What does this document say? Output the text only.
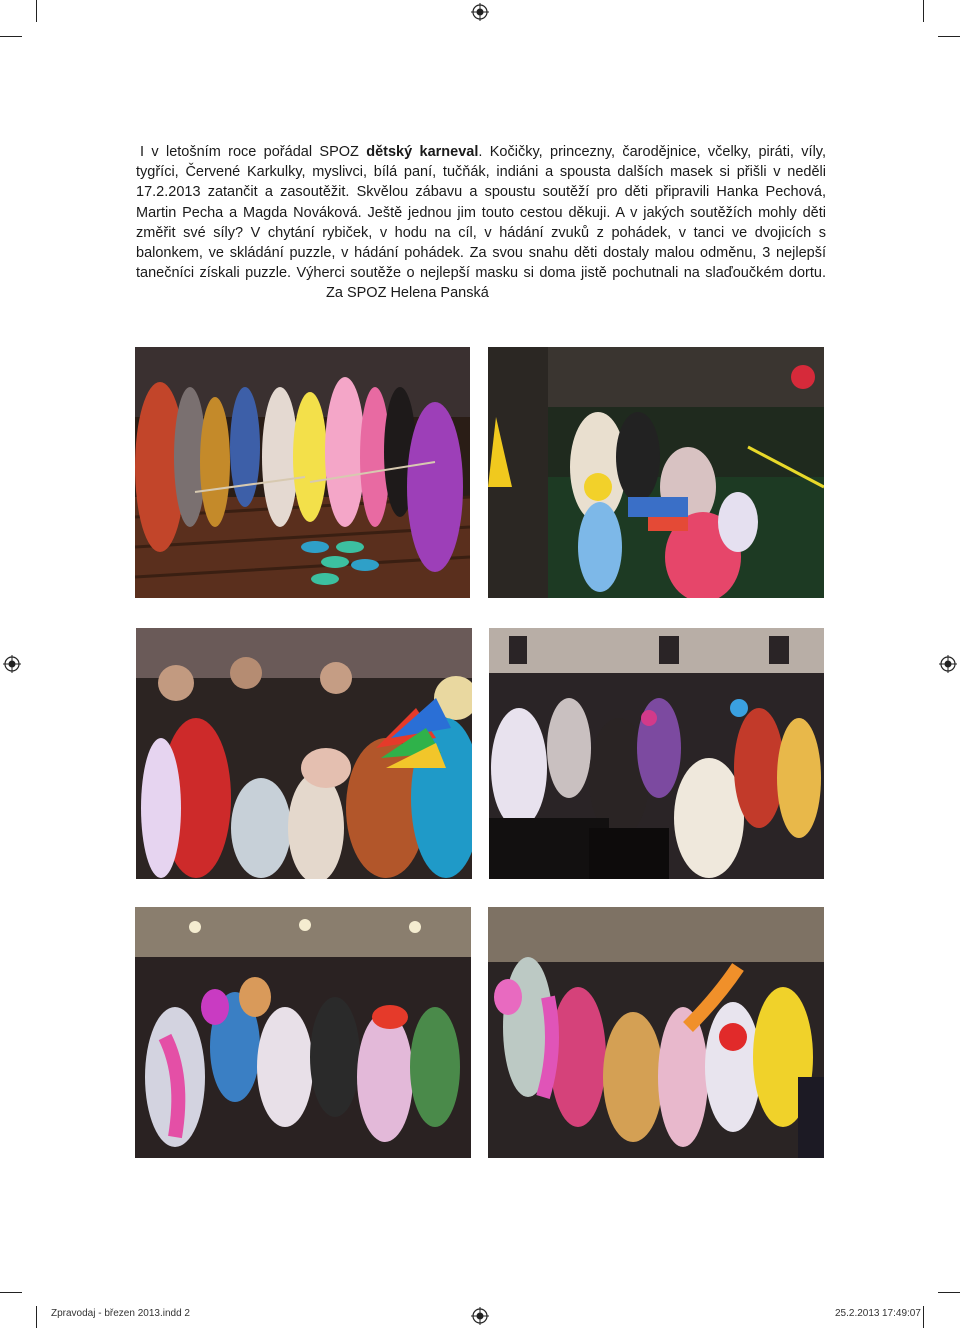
I v letošním roce pořádal SPOZ dětský karneval. Kočičky, princezny, čarodějnice, včelky, piráti, víly, tygříci, Červené Karkulky, myslivci, bílá paní, tučňák, indiáni a spousta dalších masek si přišli v neděli 17.2.2013 zatančit a zasoutěžit. Skvělou zábavu a spoustu soutěží pro děti připravili Hanka Pechová, Martin Pecha a Magda Nováková. Ještě jednou jim touto cestou děkuji. A v jakých soutěžích mohly děti změřit své síly? V chytání rybiček, v hodu na cíl, v hádání zvuků z pohádek, v tanci ve dvojicích s balonkem, ve skládání puzzle, v hádání pohádek. Za svou snahu děti dostaly malou odměnu, 3 nejlepší tanečníci získali puzzle. Výherci soutěže o nejlepší masku si doma jistě pochutnali na slaďoučkém dortu.Za SPOZ Helena Panská

Zpravodaj - březen 2013.indd 2	25.2.2013 17:49:07
